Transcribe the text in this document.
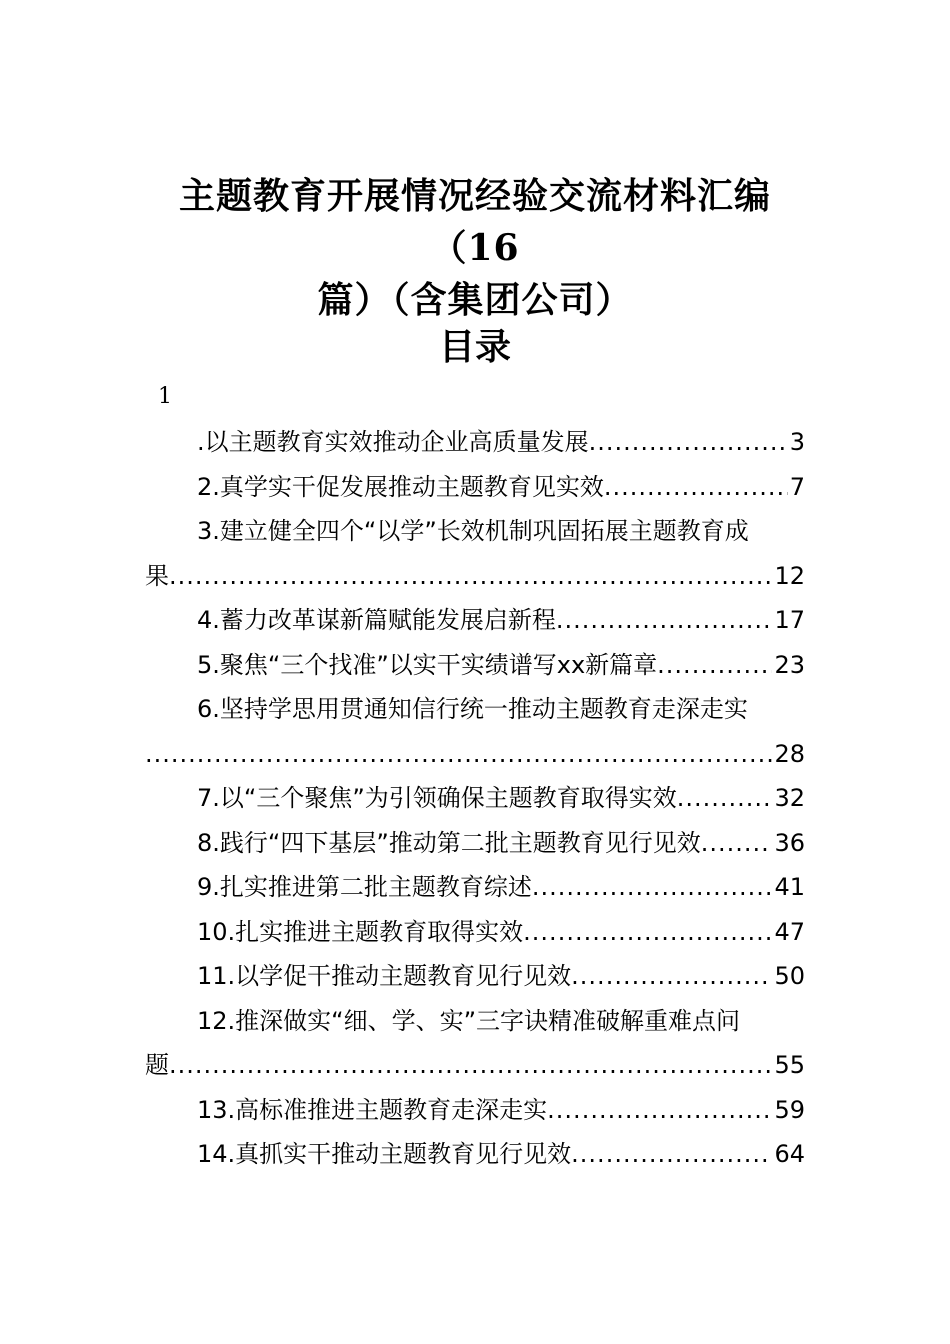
主题教育开展情况经验交流材料汇编（16
篇）（含集团公司）
目录
1
.以主题教育实效推动企业高质量发展 .....	3
2.真学实干促发展推动主题教育见实效 .....	7
3.建立健全四个“以学”长效机制巩固拓展主题教育成
果 .....	12
4.蓄力改革谋新篇赋能发展启新程 .....	17
5.聚焦“三个找准”以实干实绩谱写xx新篇章 .....	23
6.坚持学思用贯通知信行统一推动主题教育走深走实
.....
28
7.以“三个聚焦”为引领确保主题教育取得实效 .....	32
8.践行“四下基层”推动第二批主题教育见行见效 .....	36
9.扎实推进第二批主题教育综述 .....	41
10.扎实推进主题教育取得实效 .....	47
11.以学促干推动主题教育见行见效 .....	50
12.推深做实“细、学、实”三字诀精准破解重难点问
题 .....	55
13.高标准推进主题教育走深走实 .....	59
14.真抓实干推动主题教育见行见效 .....	64
